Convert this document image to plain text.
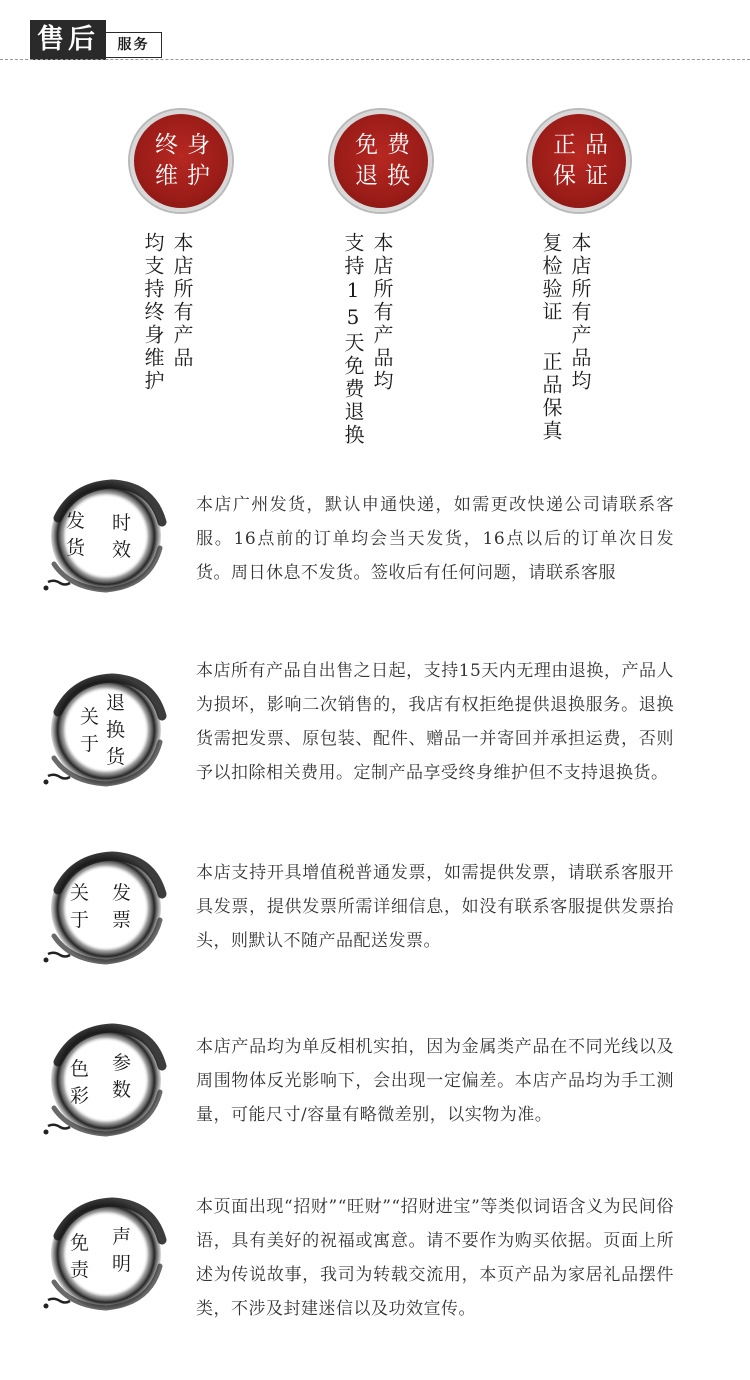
售后	服务
终身
维护
本店所有产品
均支持终身维护
免费
退换
本店所有产品均
支持15天免费退换
正品
保证
本店所有产品均
复检验证 正品保真
发
货
时
效
本店广州发货，默认申通快递，如需更改快递公司请联系客服。16点前的订单均会当天发货，16点以后的订单次日发货。周日休息不发货。签收后有任何问题，请联系客服
关
于
退
换
货
本店所有产品自出售之日起，支持15天内无理由退换，产品人为损坏，影响二次销售的，我店有权拒绝提供退换服务。退换货需把发票、原包装、配件、赠品一并寄回并承担运费，否则予以扣除相关费用。定制产品享受终身维护但不支持退换货。
关
于
发
票
本店支持开具增值税普通发票，如需提供发票，请联系客服开具发票，提供发票所需详细信息，如没有联系客服提供发票抬头，则默认不随产品配送发票。
色
彩
参
数
本店产品均为单反相机实拍，因为金属类产品在不同光线以及周围物体反光影响下，会出现一定偏差。本店产品均为手工测量，可能尺寸/容量有略微差别，以实物为准。
免
责
声
明
本页面出现“招财”“旺财”“招财进宝”等类似词语含义为民间俗语，具有美好的祝福或寓意。请不要作为购买依据。页面上所述为传说故事，我司为转载交流用，本页产品为家居礼品摆件类，不涉及封建迷信以及功效宣传。
